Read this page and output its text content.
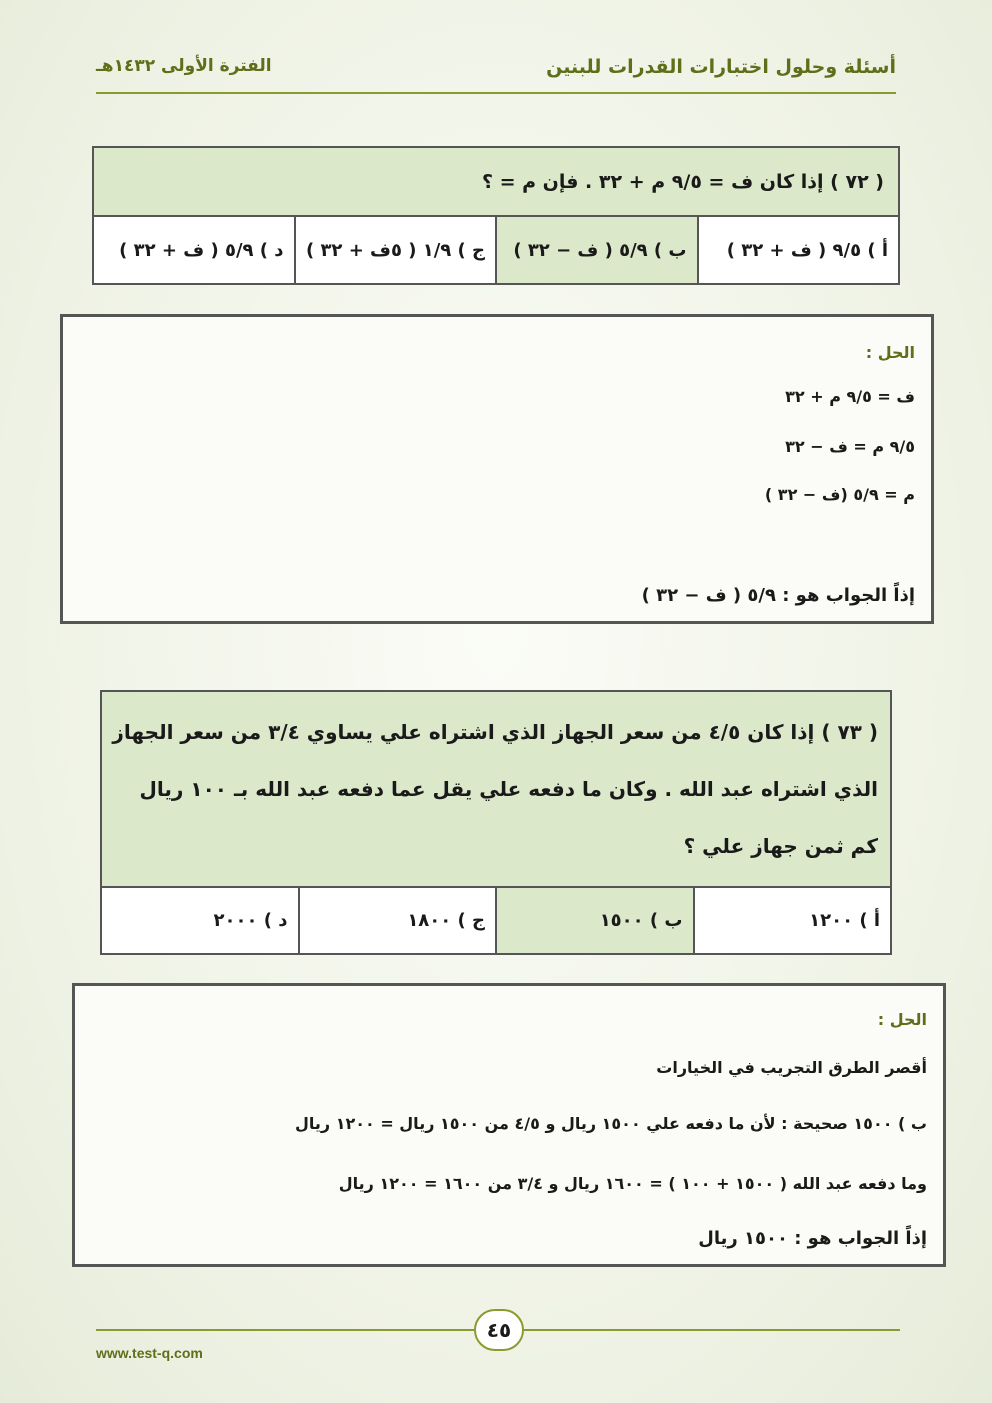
أسئلة وحلول اختبارات القدرات للبنين
الفترة الأولى ١٤٣٢هـ
( ٧٢ ) إذا كان ف = ٩/٥ م + ٣٢ . فإن م = ؟
أ ) ٩/٥ ( ف + ٣٢ )
ب ) ٥/٩ ( ف − ٣٢ )
ج ) ١/٩ ( ٥ف + ٣٢ )
د ) ٥/٩ ( ف + ٣٢ )
الحل :
ف = ٩/٥ م + ٣٢
٩/٥ م = ف − ٣٢
م = ٥/٩ (ف − ٣٢ )
إذاً الجواب هو : ٥/٩ ( ف − ٣٢ )
( ٧٣ ) إذا كان ٤/٥ من سعر الجهاز الذي اشتراه علي يساوي ٣/٤ من سعر الجهاز
الذي اشتراه عبد الله . وكان ما دفعه علي يقل عما دفعه عبد الله بـ ١٠٠ ريال
كم ثمن جهاز علي ؟
أ ) ١٢٠٠
ب ) ١٥٠٠
ج ) ١٨٠٠
د ) ٢٠٠٠
الحل :
أقصر الطرق التجريب في الخيارات
ب ) ١٥٠٠ صحيحة : لأن ما دفعه علي ١٥٠٠ ريال و ٤/٥ من ١٥٠٠ ريال = ١٢٠٠ ريال
وما دفعه عبد الله ( ١٥٠٠ + ١٠٠ ) = ١٦٠٠ ريال و ٣/٤ من ١٦٠٠ = ١٢٠٠ ريال
إذاً الجواب هو : ١٥٠٠ ريال
٤٥
www.test-q.com
